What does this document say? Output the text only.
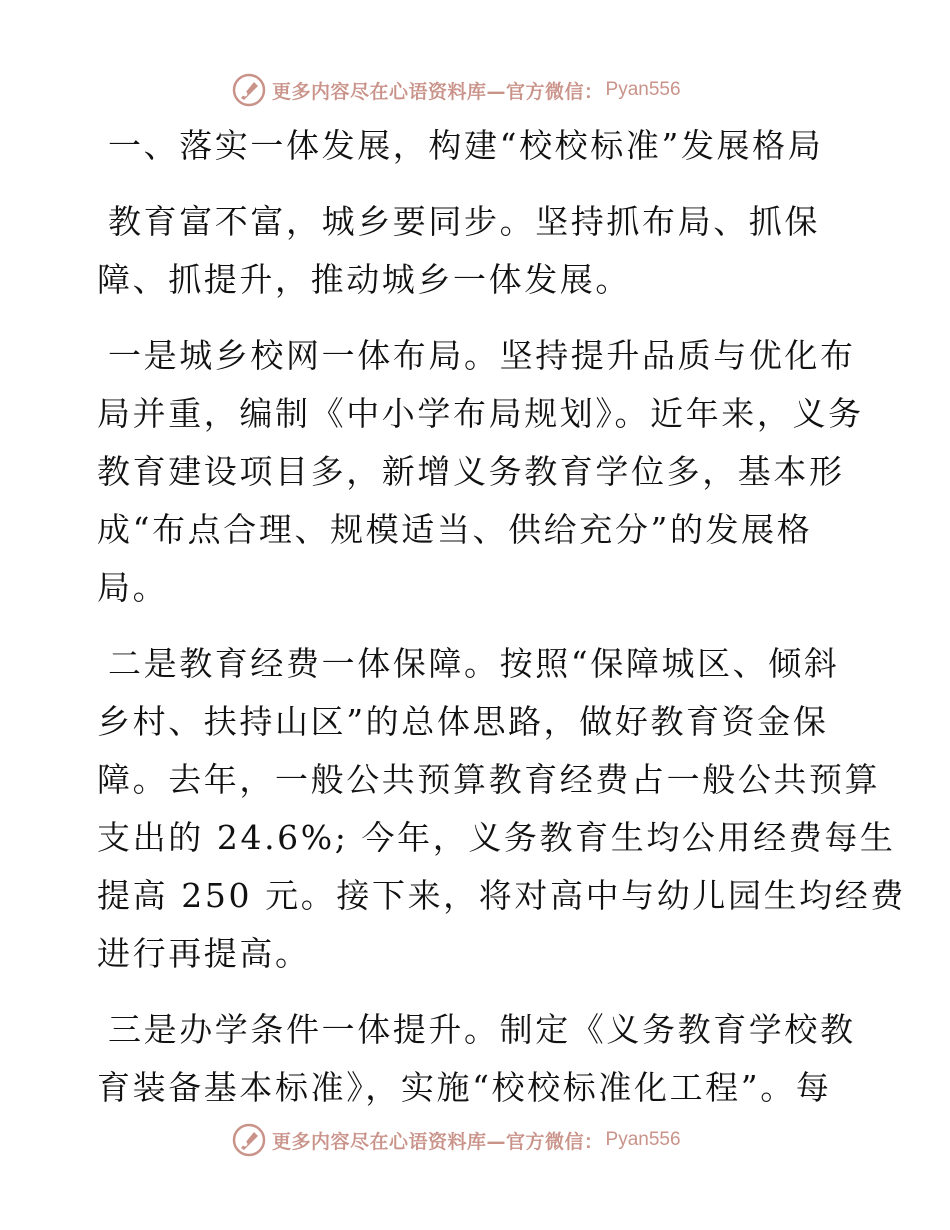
更多内容尽在心语资料库—官方微信： Pyan556
一、落实一体发展，构建“校校标准”发展格局
教育富不富，城乡要同步。坚持抓布局、抓保
障、抓提升，推动城乡一体发展。
一是城乡校网一体布局。坚持提升品质与优化布
局并重，编制《中小学布局规划》。近年来，义务
教育建设项目多，新增义务教育学位多，基本形
成“布点合理、规模适当、供给充分”的发展格
局。
二是教育经费一体保障。按照“保障城区、倾斜
乡村、扶持山区”的总体思路，做好教育资金保
障。去年，一般公共预算教育经费占一般公共预算
支出的 24.6%; 今年，义务教育生均公用经费每生
提高 250 元。接下来，将对高中与幼儿园生均经费
进行再提高。
三是办学条件一体提升。制定《义务教育学校教
育装备基本标准》，实施“校校标准化工程”。每
更多内容尽在心语资料库—官方微信： Pyan556
